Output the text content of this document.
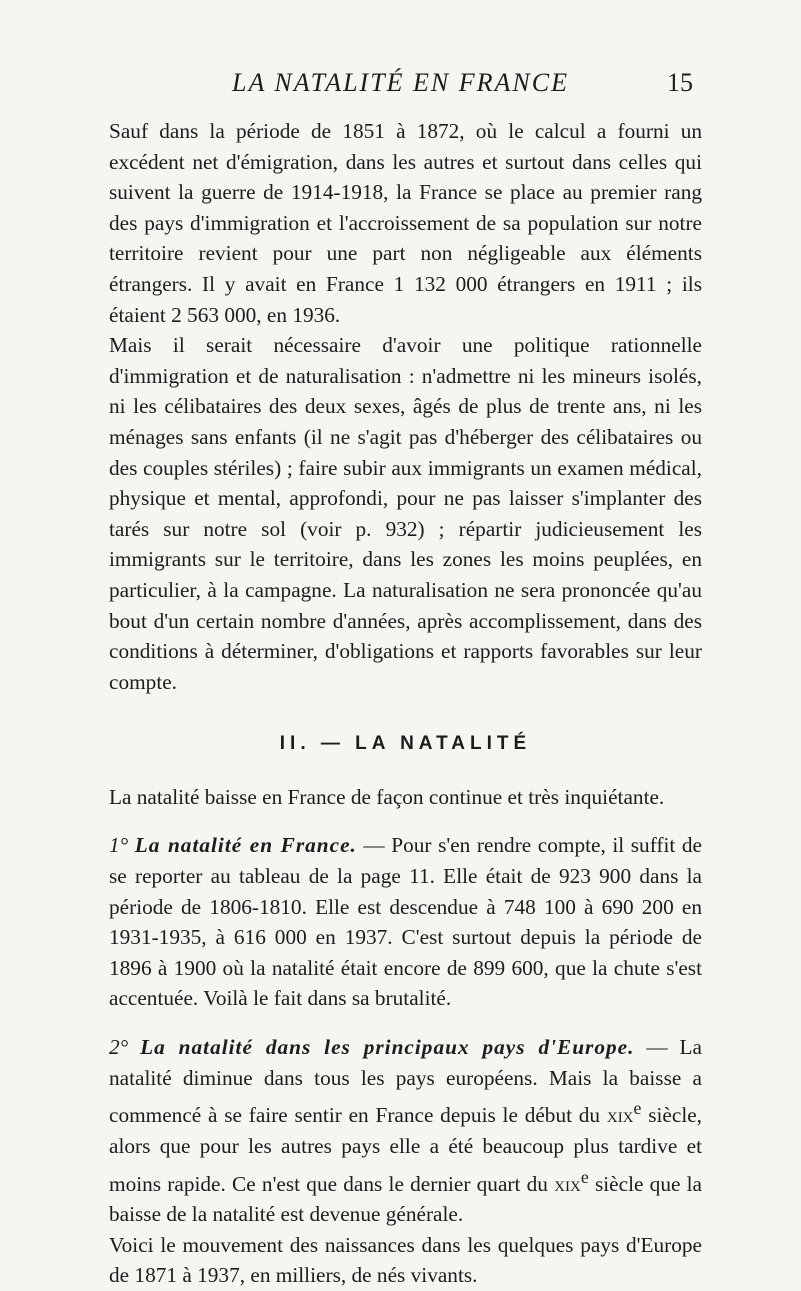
LA NATALITÉ EN FRANCE	15

Sauf dans la période de 1851 à 1872, où le calcul a fourni un excédent net d'émigration, dans les autres et surtout dans celles qui suivent la guerre de 1914-1918, la France se place au premier rang des pays d'immigration et l'accroissement de sa population sur notre territoire revient pour une part non négligeable aux éléments étrangers. Il y avait en France 1 132 000 étrangers en 1911 ; ils étaient 2 563 000, en 1936.

Mais il serait nécessaire d'avoir une politique rationnelle d'immigration et de naturalisation : n'admettre ni les mineurs isolés, ni les célibataires des deux sexes, âgés de plus de trente ans, ni les ménages sans enfants (il ne s'agit pas d'héberger des célibataires ou des couples stériles) ; faire subir aux immigrants un examen médical, physique et mental, approfondi, pour ne pas laisser s'implanter des tarés sur notre sol (voir p. 932) ; répartir judicieusement les immigrants sur le territoire, dans les zones les moins peuplées, en particulier, à la campagne. La naturalisation ne sera prononcée qu'au bout d'un certain nombre d'années, après accomplissement, dans des conditions à déterminer, d'obligations et rapports favorables sur leur compte.

II. — LA NATALITÉ

La natalité baisse en France de façon continue et très inquiétante.

1° La natalité en France. — Pour s'en rendre compte, il suffit de se reporter au tableau de la page 11. Elle était de 923 900 dans la période de 1806-1810. Elle est descendue à 748 100 à 690 200 en 1931-1935, à 616 000 en 1937. C'est surtout depuis la période de 1896 à 1900 où la natalité était encore de 899 600, que la chute s'est accentuée. Voilà le fait dans sa brutalité.

2° La natalité dans les principaux pays d'Europe. — La natalité diminue dans tous les pays européens. Mais la baisse a commencé à se faire sentir en France depuis le début du xix$^e$ siècle, alors que pour les autres pays elle a été beaucoup plus tardive et moins rapide. Ce n'est que dans le dernier quart du xix$^e$ siècle que la baisse de la natalité est devenue générale.

Voici le mouvement des naissances dans les quelques pays d'Europe de 1871 à 1937, en milliers, de nés vivants.
